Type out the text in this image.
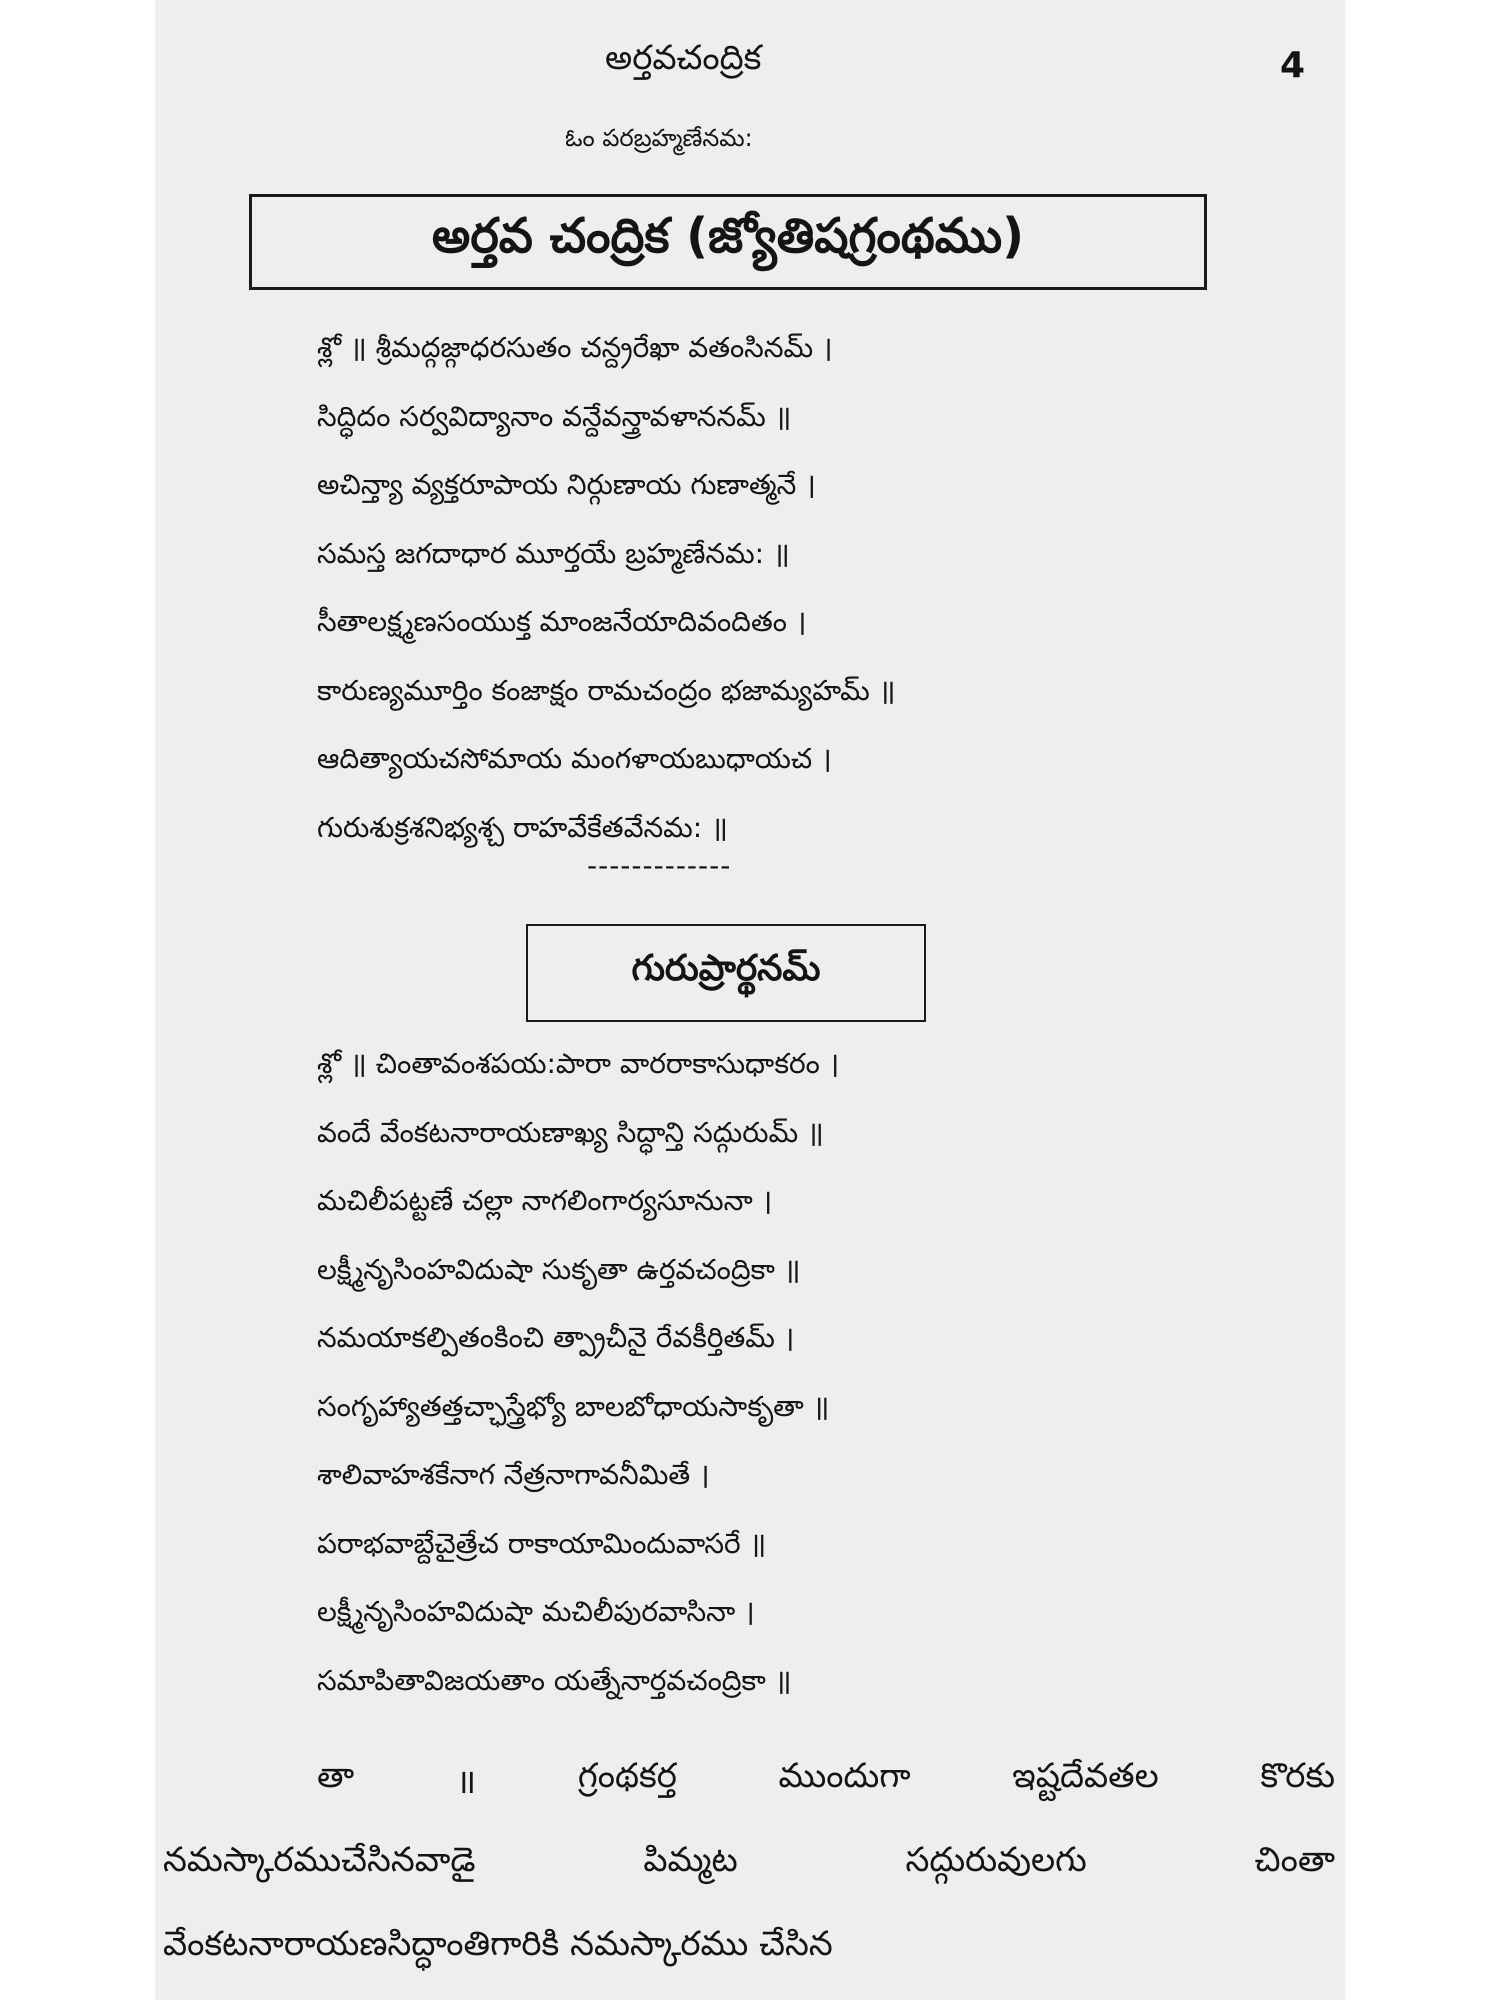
అర్తవచంద్రిక	4
ఓం పరబ్రహ్మణేనమ:
అర్తవ చంద్రిక (జ్యోతిషగ్రంథము)
శ్లో ॥ శ్రీమద్గజ్గాధరసుతం చన్ద్రరేఖా వతంసినమ్ ।
సిద్ధిదం సర్వవిద్యానాం వన్దేవన్త్రావళాననమ్ ॥
అచిన్త్యా వ్యక్తరూపాయ నిర్గుణాయ గుణాత్మనే ।
సమస్త జగదాధార మూర్తయే బ్రహ్మణేనమ: ॥
సీతాలక్ష్మణసంయుక్త మాంజనేయాదివందితం ।
కారుణ్యమూర్తిం కంజాక్షం రామచంద్రం భజామ్యహమ్ ॥
ఆదిత్యాయచసోమాయ మంగళాయబుధాయచ ।
గురుశుక్రశనిభ్యశ్చ రాహవేకేతవేనమ: ॥
-------------
గురుప్రార్థనమ్
శ్లో ॥ చింతావంశపయ:పారా వారరాకాసుధాకరం ।
వందే వేంకటనారాయణాఖ్య సిద్ధాన్తి సద్గురుమ్ ॥
మచిలీపట్టణే చల్లా నాగలింగార్యసూనునా ।
లక్ష్మీనృసింహవిదుషా సుకృతా ఉర్తవచంద్రికా ॥
నమయాకల్పితంకించి త్ప్రాచీనై రేవకీర్తితమ్ ।
సంగృహ్యాతత్తచ్ఛాస్త్రేభ్యో బాలబోధాయసాకృతా ॥
శాలివాహశకేనాగ నేత్రనాగావనీమితే ।
పరాభవాబ్దేచైత్రేచ రాకాయామిందువాసరే ॥
లక్ష్మీనృసింహవిదుషా మచిలీపురవాసినా ।
సమాపితావిజయతాం యత్నేనార్తవచంద్రికా ॥
తా	॥	గ్రంథకర్త	ముందుగా	ఇష్టదేవతల	కొరకు
నమస్కారముచేసినవాడై	పిమ్మట	సద్గురువులగు	చింతా
వేంకటనారాయణసిద్ధాంతిగారికి
నమస్కారము
చేసిన
